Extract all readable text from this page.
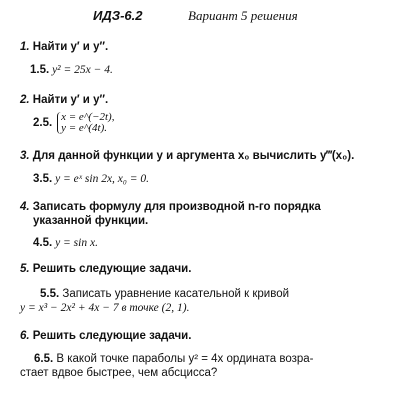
ИДЗ-6.2	Вариант 5 решения
1. Найти y′ и y″.
1.5. y² = 25x − 4.
2. Найти y′ и y″.
2.5. x = e^(−2t),
y = e^(4t).
3. Для данной функции y и аргумента x₀ вычислить y‴(x₀).
3.5. y = eˣ sin 2x, x₀ = 0.
4. Записать формулу для производной n-го порядка
указанной функции.
4.5. y = sin x.
5. Решить следующие задачи.
5.5. Записать уравнение касательной к кривой
y = x³ − 2x² + 4x − 7 в точке (2, 1).
6. Решить следующие задачи.
6.5. В какой точке параболы y² = 4x ордината возра-
стает вдвое быстрее, чем абсцисса?
